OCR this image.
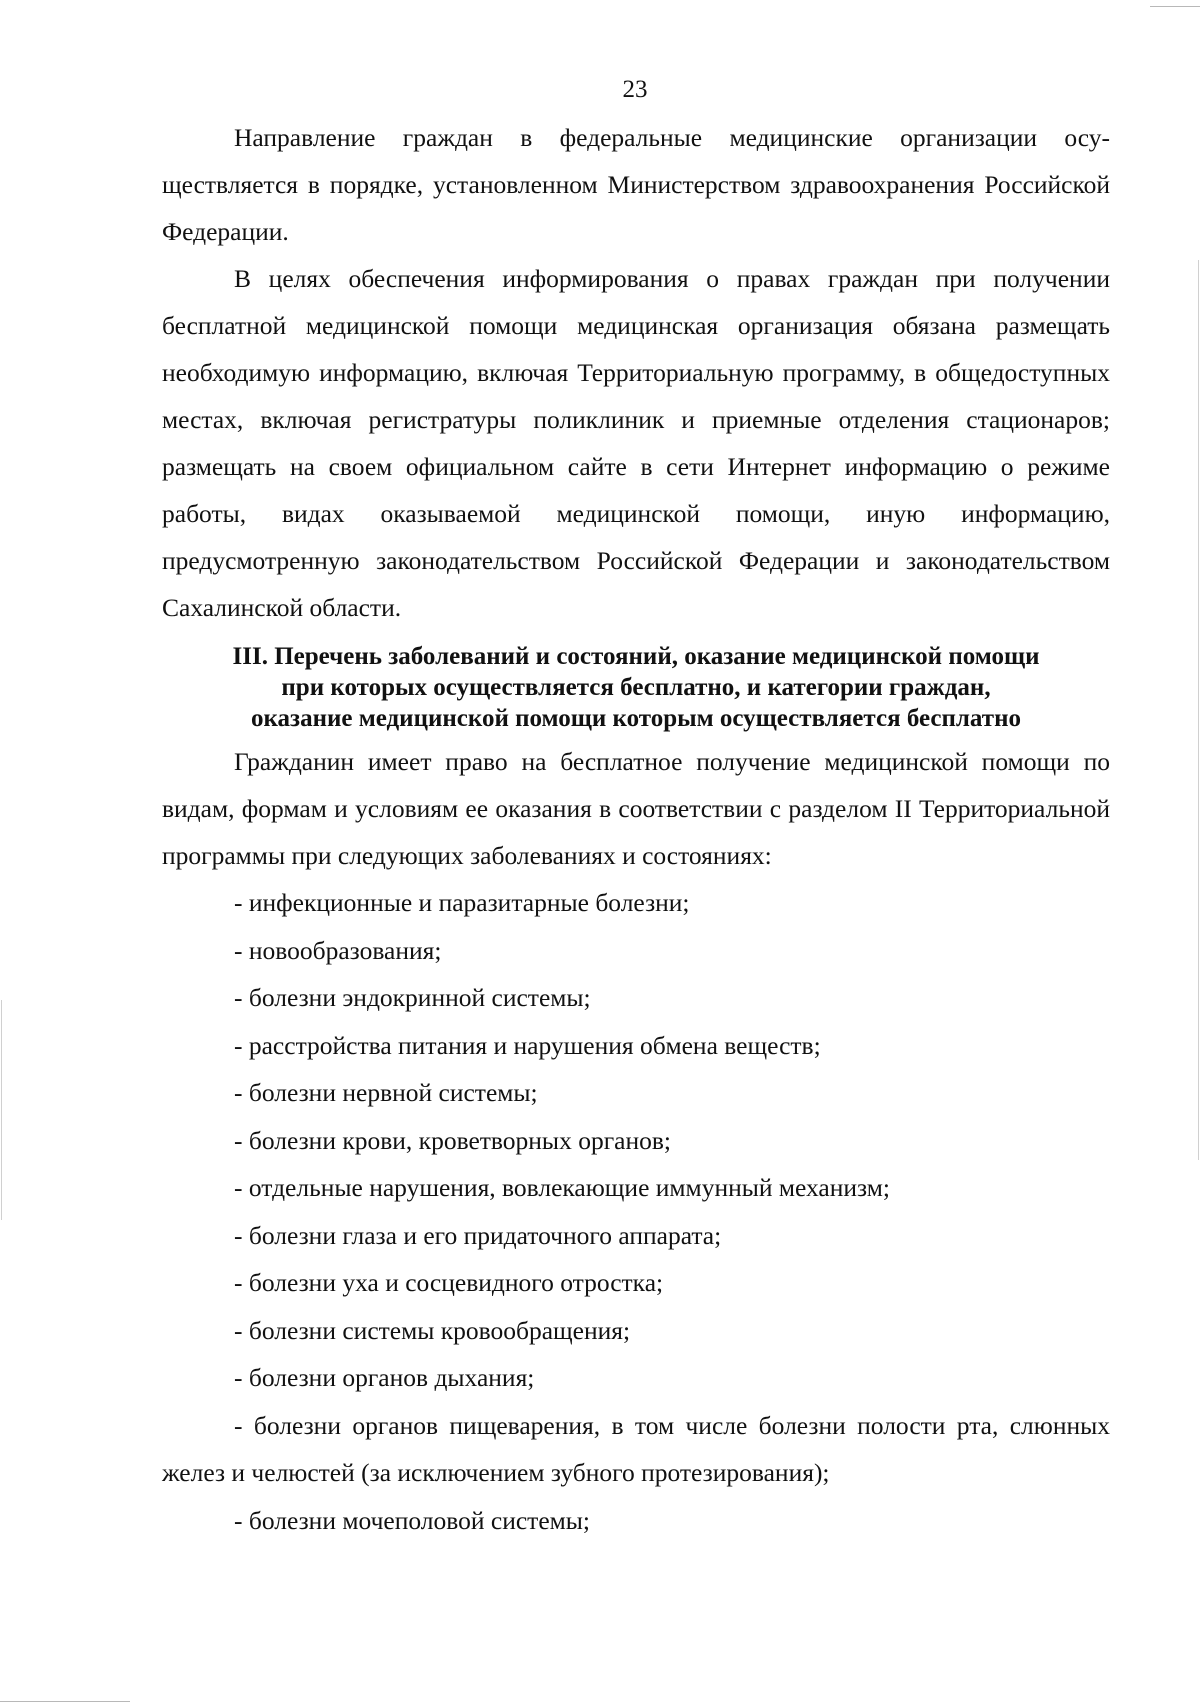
23

Направление граждан в федеральные медицинские организации осуществляется в порядке, установленном Министерством здравоохранения Российской Федерации.

В целях обеспечения информирования о правах граждан при получении бесплатной медицинской помощи медицинская организация обязана размещать необходимую информацию, включая Территориальную программу, в общедоступных местах, включая регистратуры поликлиник и приемные отделения стационаров; размещать на своем официальном сайте в сети Интернет информацию о режиме работы, видах оказываемой медицинской помощи, иную информацию, предусмотренную законодательством Российской Федерации и законодательством Сахалинской области.

III. Перечень заболеваний и состояний, оказание медицинской помощи
при которых осуществляется бесплатно, и категории граждан,
оказание медицинской помощи которым осуществляется бесплатно

Гражданин имеет право на бесплатное получение медицинской помощи по видам, формам и условиям ее оказания в соответствии с разделом II Территориальной программы при следующих заболеваниях и состояниях:

- инфекционные и паразитарные болезни;
- новообразования;
- болезни эндокринной системы;
- расстройства питания и нарушения обмена веществ;
- болезни нервной системы;
- болезни крови, кроветворных органов;
- отдельные нарушения, вовлекающие иммунный механизм;
- болезни глаза и его придаточного аппарата;
- болезни уха и сосцевидного отростка;
- болезни системы кровообращения;
- болезни органов дыхания;
- болезни органов пищеварения, в том числе болезни полости рта, слюнных желез и челюстей (за исключением зубного протезирования);
- болезни мочеполовой системы;
